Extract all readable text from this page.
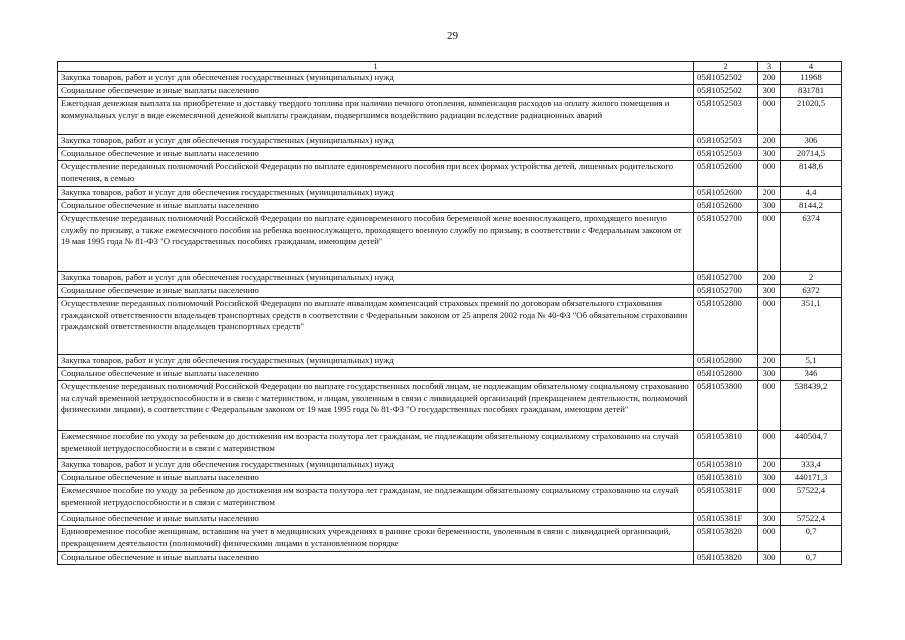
29
1	2	3	4
Закупка товаров, работ и услуг для обеспечения государственных (муниципальных) нужд	05Я1052502	200	11968
Социальное обеспечение и иные выплаты населению	05Я1052502	300	831781
Ежегодная денежная выплата на приобретение и доставку твердого топлива при наличии печного отопления, компенсация расходов на оплату жилого помещения и коммунальных услуг в виде ежемесячной денежной выплаты гражданам, подвергшимся воздействию радиации вследствие радиационных аварий	05Я1052503	000	21020,5
Закупка товаров, работ и услуг для обеспечения государственных (муниципальных) нужд	05Я1052503	200	306
Социальное обеспечение и иные выплаты населению	05Я1052503	300	20714,5
Осуществление переданных полномочий Российской Федерации по выплате единовременного пособия при всех формах устройства детей, лишенных родительского попечения, в семью	05Я1052600	000	8148,6
Закупка товаров, работ и услуг для обеспечения государственных (муниципальных) нужд	05Я1052600	200	4,4
Социальное обеспечение и иные выплаты населению	05Я1052600	300	8144,2
Осуществление переданных полномочий Российской Федерации по выплате единовременного пособия беременной жене военнослужащего, проходящего военную службу по призыву, а также ежемесячного пособия на ребенка военнослужащего, проходящего военную службу по призыву, в соответствии с Федеральным законом от 19 мая 1995 года № 81-ФЗ "О государственных пособиях гражданам, имеющим детей"	05Я1052700	000	6374
Закупка товаров, работ и услуг для обеспечения государственных (муниципальных) нужд	05Я1052700	200	2
Социальное обеспечение и иные выплаты населению	05Я1052700	300	6372
Осуществление переданных полномочий Российской Федерации по выплате инвалидам компенсаций страховых премий по договорам обязательного страхования гражданской ответственности владельцев транспортных средств в соответствии с Федеральным законом от 25 апреля 2002 года № 40-ФЗ "Об обязательном страховании гражданской ответственности владельцев транспортных средств"	05Я1052800	000	351,1
Закупка товаров, работ и услуг для обеспечения государственных (муниципальных) нужд	05Я1052800	200	5,1
Социальное обеспечение и иные выплаты населению	05Я1052800	300	346
Осуществление переданных полномочий Российской Федерации по выплате государственных пособий лицам, не подлежащим обязательному социальному страхованию на случай временной нетрудоспособности и в связи с материнством, и лицам, уволенным в связи с ликвидацией организаций (прекращением деятельности, полномочий физическими лицами), в соответствии с Федеральным законом от 19 мая 1995 года № 81-ФЗ "О государственных пособиях гражданам, имеющим детей"	05Я1053800	000	538439,2
Ежемесячное пособие по уходу за ребенком до достижения им возраста полутора лет гражданам, не подлежащим обязательному социальному страхованию на случай временной нетрудоспособности и в связи с материнством	05Я1053810	000	440504,7
Закупка товаров, работ и услуг для обеспечения государственных (муниципальных) нужд	05Я1053810	200	333,4
Социальное обеспечение и иные выплаты населению	05Я1053810	300	440171,3
Ежемесячное пособие по уходу за ребенком до достижения им возраста полутора лет гражданам, не подлежащим обязательному социальному страхованию на случай временной нетрудоспособности и в связи с материнством	05Я105381F	000	57522,4
Социальное обеспечение и иные выплаты населению	05Я105381F	300	57522,4
Единовременное пособие женщинам, вставшим на учет в медицинских учреждениях в ранние сроки беременности, уволенным в связи с ликвидацией организаций, прекращением деятельности (полномочий) физическими лицами в установленном порядке	05Я1053820	000	0,7
Социальное обеспечение и иные выплаты населению	05Я1053820	300	0,7
